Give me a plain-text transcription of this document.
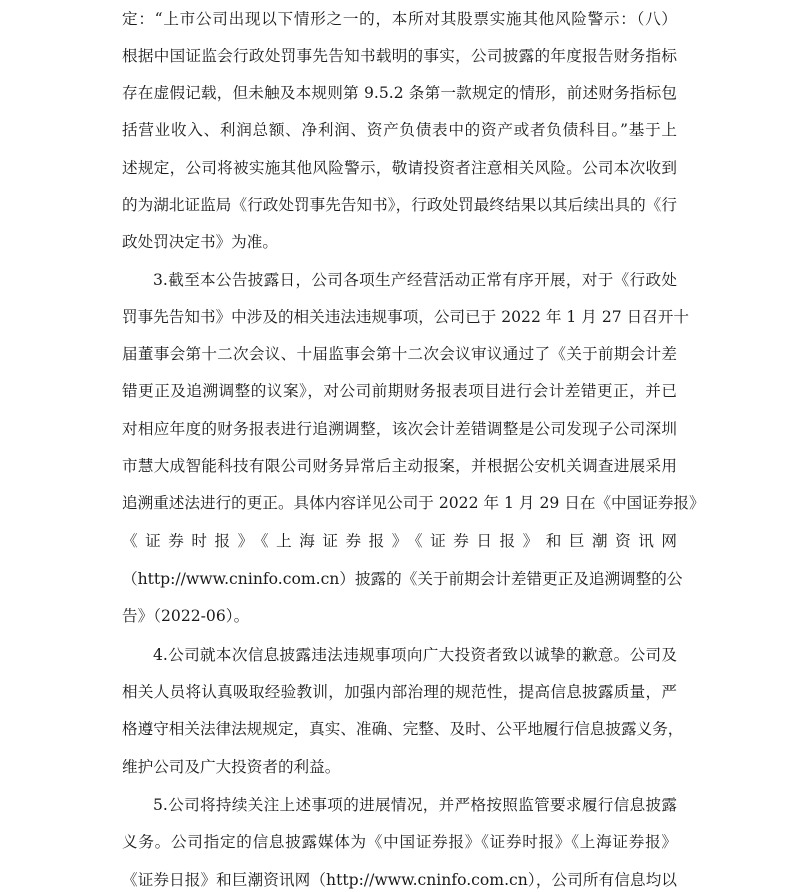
定：“上市公司出现以下情形之一的，本所对其股票实施其他风险警示：（八）
根据中国证监会行政处罚事先告知书载明的事实，公司披露的年度报告财务指标
存在虚假记载，但未触及本规则第 9.5.2 条第一款规定的情形，前述财务指标包
括营业收入、利润总额、净利润、资产负债表中的资产或者负债科目。”基于上
述规定，公司将被实施其他风险警示，敬请投资者注意相关风险。公司本次收到
的为湖北证监局《行政处罚事先告知书》，行政处罚最终结果以其后续出具的《行
政处罚决定书》为准。
3.截至本公告披露日，公司各项生产经营活动正常有序开展，对于《行政处
罚事先告知书》中涉及的相关违法违规事项，公司已于 2022 年 1 月 27 日召开十
届董事会第十二次会议、十届监事会第十二次会议审议通过了《关于前期会计差
错更正及追溯调整的议案》，对公司前期财务报表项目进行会计差错更正，并已
对相应年度的财务报表进行追溯调整，该次会计差错调整是公司发现子公司深圳
市慧大成智能科技有限公司财务异常后主动报案，并根据公安机关调查进展采用
追溯重述法进行的更正。具体内容详见公司于 2022 年 1 月 29 日在《中国证券报》
《证券时报》《上海证券报》《证券日报》和巨潮资讯网
（http://www.cninfo.com.cn）披露的《关于前期会计差错更正及追溯调整的公
告》（2022-06）。
4.公司就本次信息披露违法违规事项向广大投资者致以诚挚的歉意。公司及
相关人员将认真吸取经验教训，加强内部治理的规范性，提高信息披露质量，严
格遵守相关法律法规规定，真实、准确、完整、及时、公平地履行信息披露义务，
维护公司及广大投资者的利益。
5.公司将持续关注上述事项的进展情况，并严格按照监管要求履行信息披露
义务。公司指定的信息披露媒体为《中国证券报》《证券时报》《上海证券报》
《证券日报》和巨潮资讯网（http://www.cninfo.com.cn），公司所有信息均以
